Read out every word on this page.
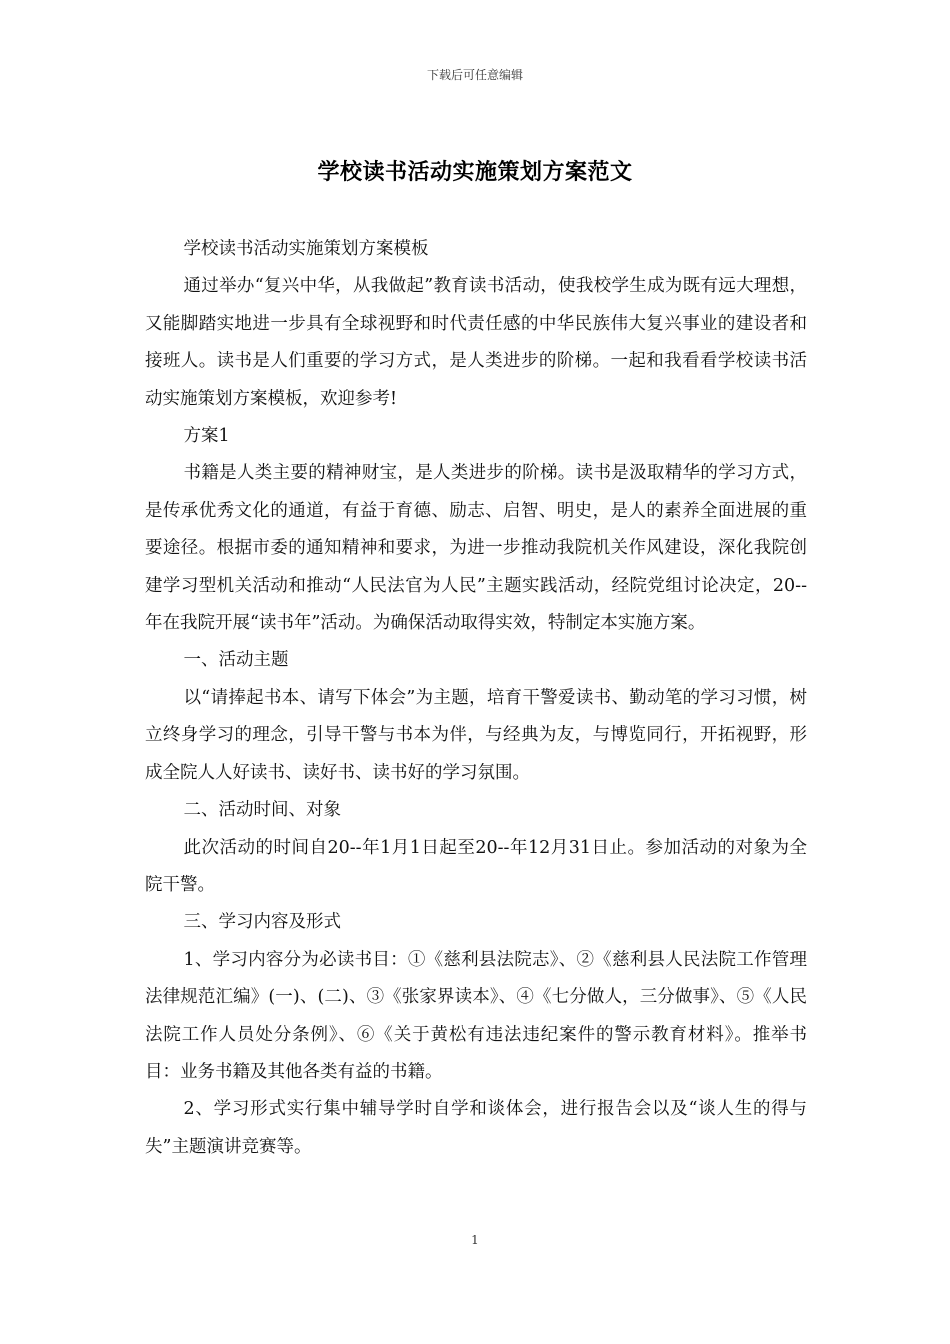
下载后可任意编辑
学校读书活动实施策划方案范文

学校读书活动实施策划方案模板

通过举办“复兴中华，从我做起”教育读书活动，使我校学生成为既有远大理想，又能脚踏实地进一步具有全球视野和时代责任感的中华民族伟大复兴事业的建设者和接班人。读书是人们重要的学习方式，是人类进步的阶梯。一起和我看看学校读书活动实施策划方案模板，欢迎参考!

方案1

书籍是人类主要的精神财宝，是人类进步的阶梯。读书是汲取精华的学习方式，是传承优秀文化的通道，有益于育德、励志、启智、明史，是人的素养全面进展的重要途径。根据市委的通知精神和要求，为进一步推动我院机关作风建设，深化我院创建学习型机关活动和推动“人民法官为人民”主题实践活动，经院党组讨论决定，20--年在我院开展“读书年”活动。为确保活动取得实效，特制定本实施方案。

一、活动主题

以“请捧起书本、请写下体会”为主题，培育干警爱读书、勤动笔的学习习惯，树立终身学习的理念，引导干警与书本为伴，与经典为友，与博览同行，开拓视野，形成全院人人好读书、读好书、读书好的学习氛围。

二、活动时间、对象

此次活动的时间自20--年1月1日起至20--年12月31日止。参加活动的对象为全院干警。

三、学习内容及形式

1、学习内容分为必读书目：①《慈利县法院志》、②《慈利县人民法院工作管理法律规范汇编》(一)、(二)、③《张家界读本》、④《七分做人，三分做事》、⑤《人民法院工作人员处分条例》、⑥《关于黄松有违法违纪案件的警示教育材料》。推举书目：业务书籍及其他各类有益的书籍。

2、学习形式实行集中辅导学时自学和谈体会，进行报告会以及“谈人生的得与失”主题演讲竞赛等。

1
